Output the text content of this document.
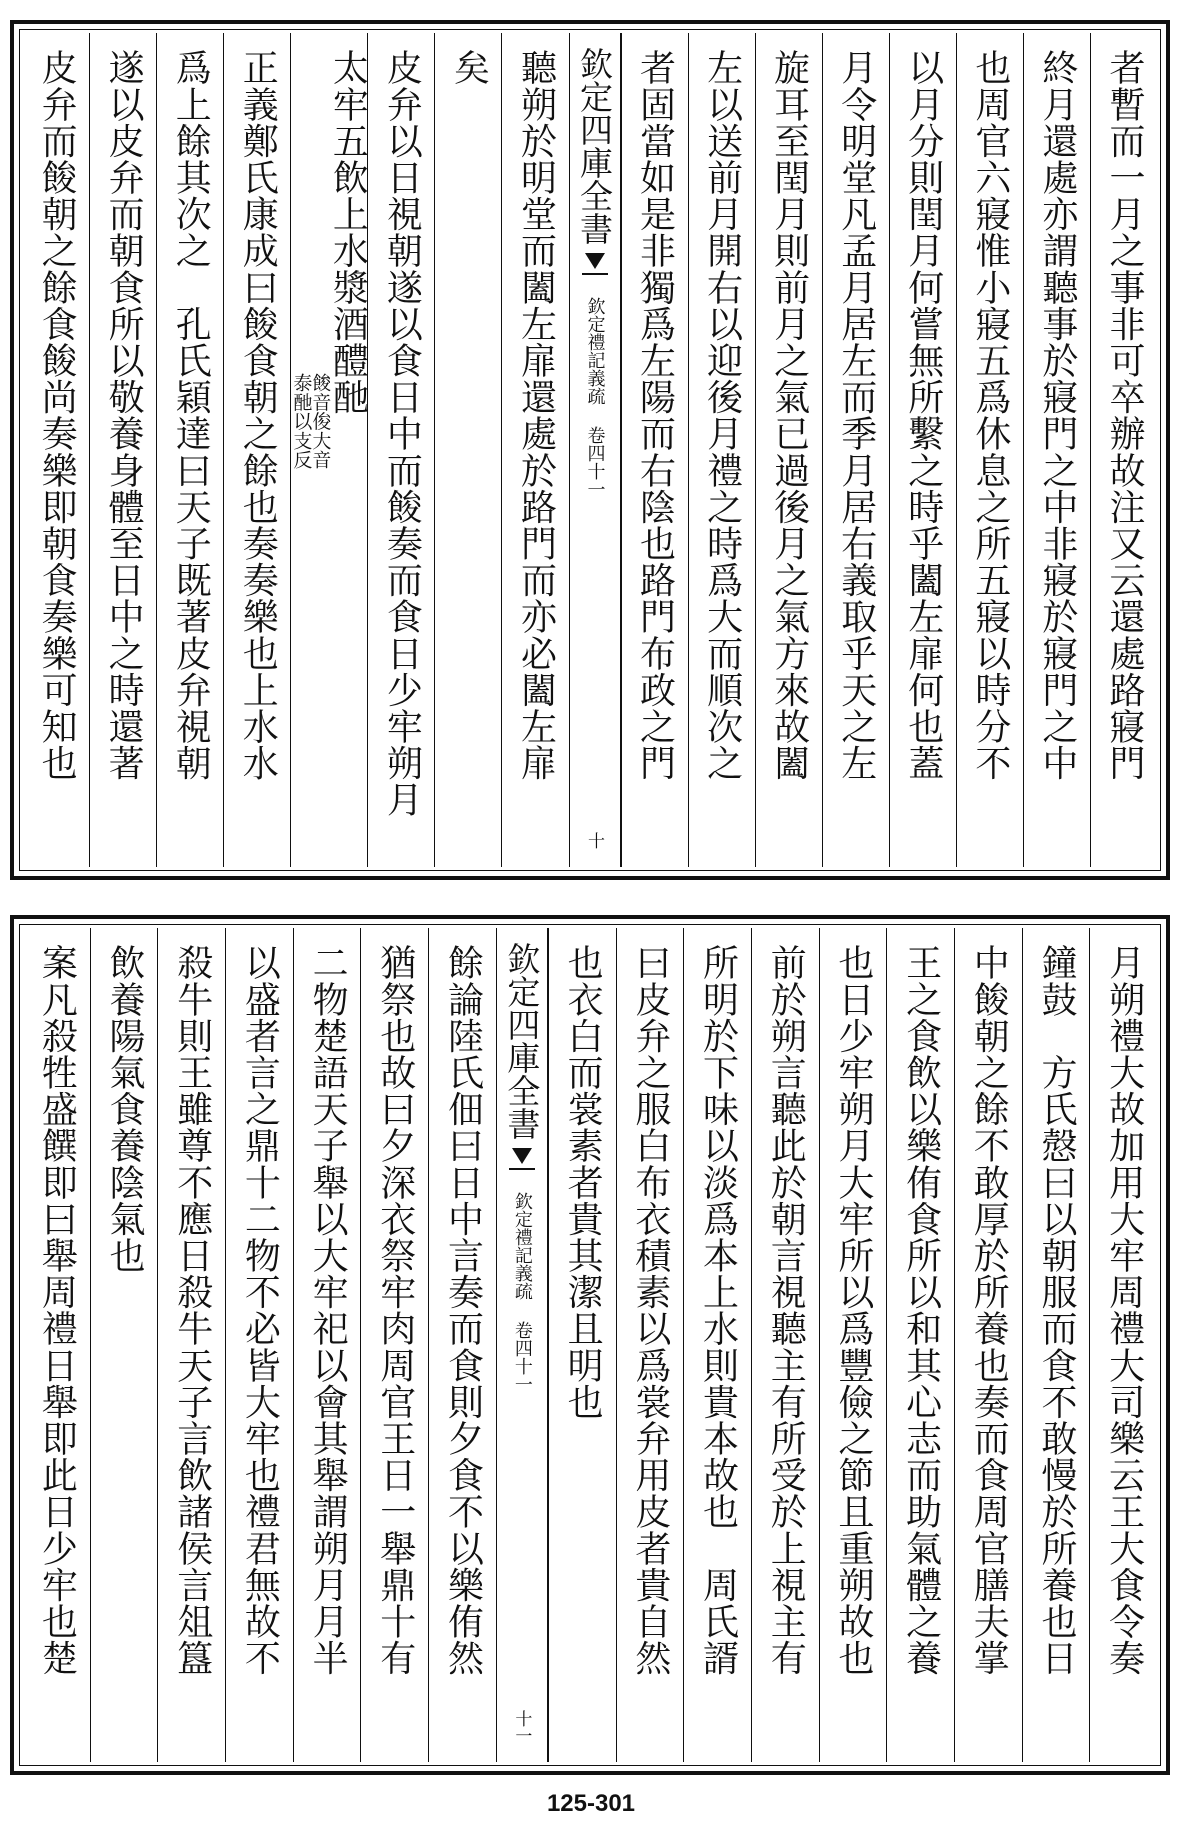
者暫而一月之事非可卒辦故注又云還處路寢門
終月還處亦謂聽事於寢門之中非寢於寢門之中
也周官六寢惟小寢五爲休息之所五寢以時分不
以月分則閏月何嘗無所繫之時乎闔左扉何也蓋
月令明堂凡孟月居左而季月居右義取乎天之左
旋耳至閏月則前月之氣已過後月之氣方來故闔
左以送前月開右以迎後月禮之時爲大而順次之
者固當如是非獨爲左陽而右陰也路門布政之門
欽定四庫全書
欽定禮記義疏 卷四十一
十
聽朔於明堂而闔左扉還處於路門而亦必闔左扉
矣
皮弁以日視朝遂以食日中而餕奏而食日少牢朔月
太牢五飲上水漿酒醴酏
餕音俊大音
泰酏以支反
正義鄭氏康成曰餕食朝之餘也奏奏樂也上水水
爲上餘其次之　孔氏穎達曰天子既著皮弁視朝
遂以皮弁而朝食所以敬養身體至日中之時還著
皮弁而餕朝之餘食餕尚奏樂即朝食奏樂可知也
月朔禮大故加用大牢周禮大司樂云王大食令奏
鐘鼓　方氏慤曰以朝服而食不敢慢於所養也日
中餕朝之餘不敢厚於所養也奏而食周官膳夫掌
王之食飲以樂侑食所以和其心志而助氣體之養
也日少牢朔月大牢所以爲豐儉之節且重朔故也
前於朔言聽此於朝言視聽主有所受於上視主有
所明於下味以淡爲本上水則貴本故也　周氏諝
曰皮弁之服白布衣積素以爲裳弁用皮者貴自然
也衣白而裳素者貴其潔且明也
欽定四庫全書
欽定禮記義疏 卷四十一
十一
餘論陸氏佃曰日中言奏而食則夕食不以樂侑然
猶祭也故曰夕深衣祭牢肉周官王日一舉鼎十有
二物楚語天子舉以大牢祀以會其舉謂朔月月半
以盛者言之鼎十二物不必皆大牢也禮君無故不
殺牛則王雖尊不應日殺牛天子言飲諸侯言俎簋
飲養陽氣食養陰氣也
案凡殺牲盛饌即曰舉周禮日舉即此日少牢也楚
125-301
